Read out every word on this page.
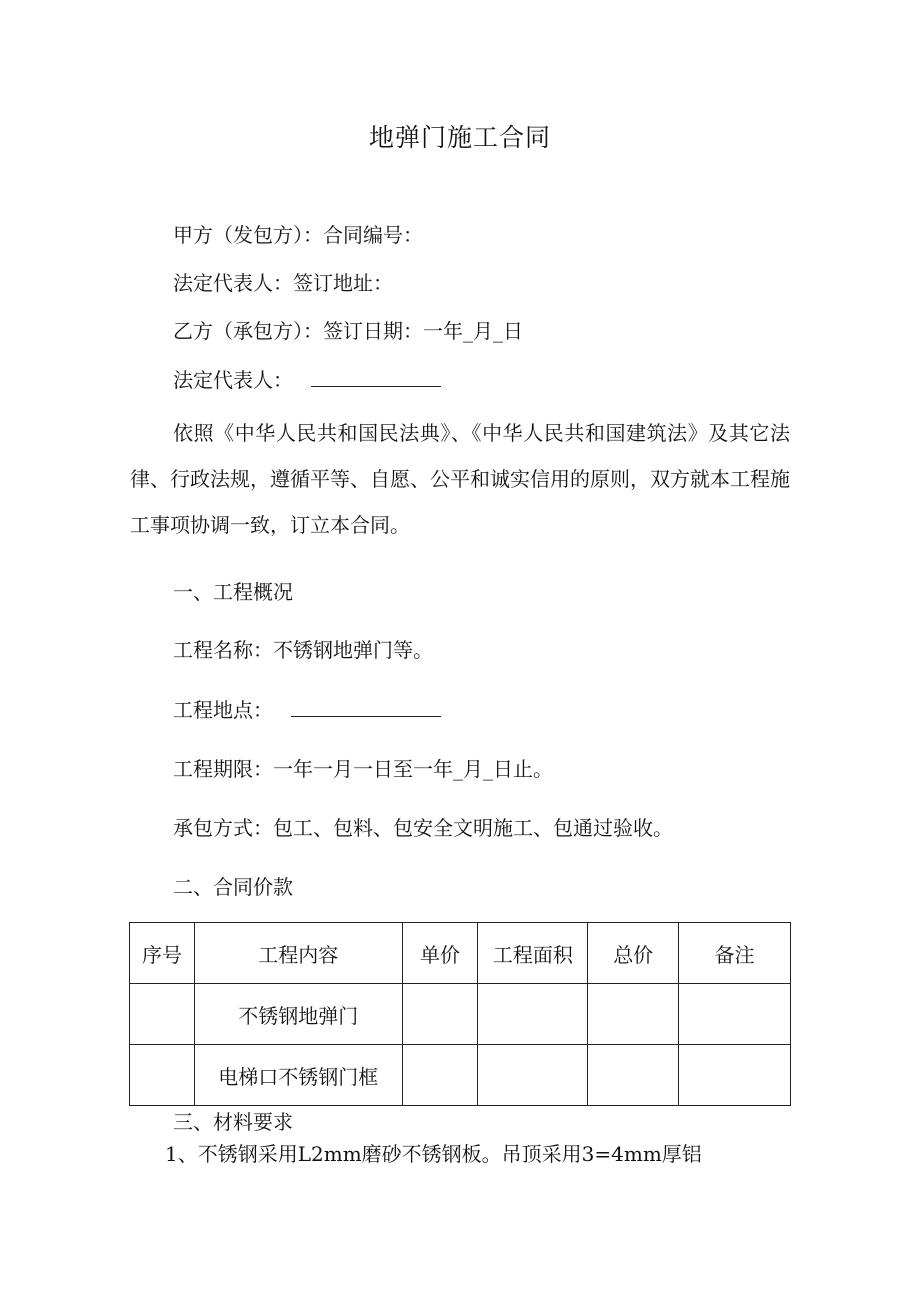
地弹门施工合同
甲方（发包方）：合同编号：
法定代表人：签订地址：
乙方（承包方）：签订日期：一年_月_日
法定代表人：
依照《中华人民共和国民法典》、《中华人民共和国建筑法》及其它法律、行政法规，遵循平等、自愿、公平和诚实信用的原则，双方就本工程施工事项协调一致，订立本合同。
一、工程概况
工程名称：不锈钢地弹门等。
工程地点：
工程期限：一年一月一日至一年_月_日止。
承包方式：包工、包料、包安全文明施工、包通过验收。
二、合同价款
序号	工程内容	单价	工程面积	总价	备注
	不锈钢地弹门				
	电梯口不锈钢门框				
三、材料要求
1、不锈钢采用L2mm磨砂不锈钢板。吊顶采用3=4mm厚铝
